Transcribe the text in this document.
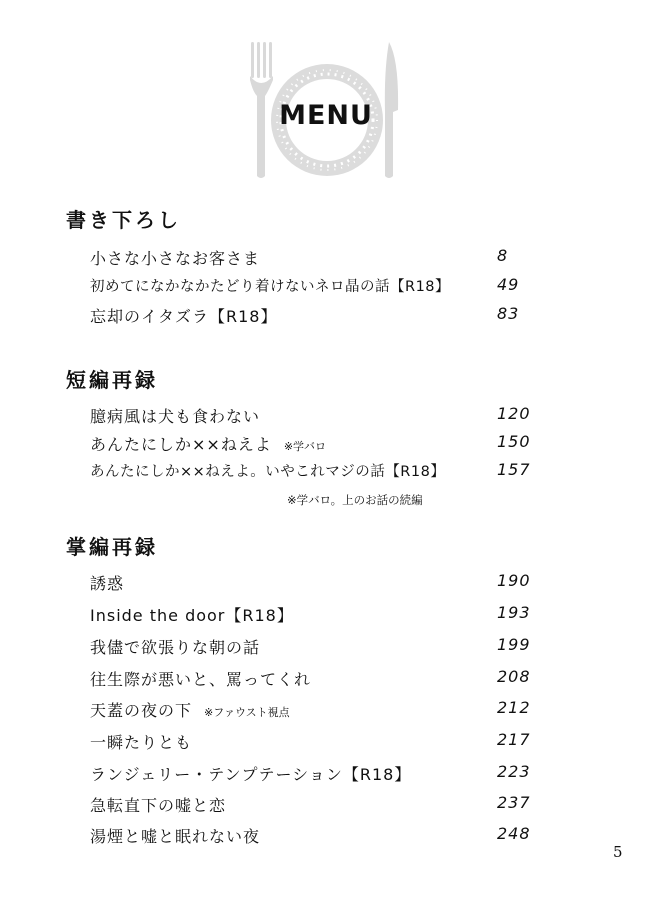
MENU
書き下ろし
小さな小さなお客さま	8
初めてになかなかたどり着けないネロ晶の話【R18】	49
忘却のイタズラ【R18】	83
短編再録
臆病風は犬も食わない	120
あんたにしか××ねえよ ※学バロ	150
あんたにしか××ねえよ。いやこれマジの話【R18】	157
※学バロ。上のお話の続編
掌編再録
誘惑	190
Inside the door【R18】	193
我儘で欲張りな朝の話	199
往生際が悪いと、罵ってくれ	208
天蓋の夜の下 ※ファウスト視点	212
一瞬たりとも	217
ランジェリー・テンプテーション【R18】	223
急転直下の嘘と恋	237
湯煙と嘘と眠れない夜	248
5
